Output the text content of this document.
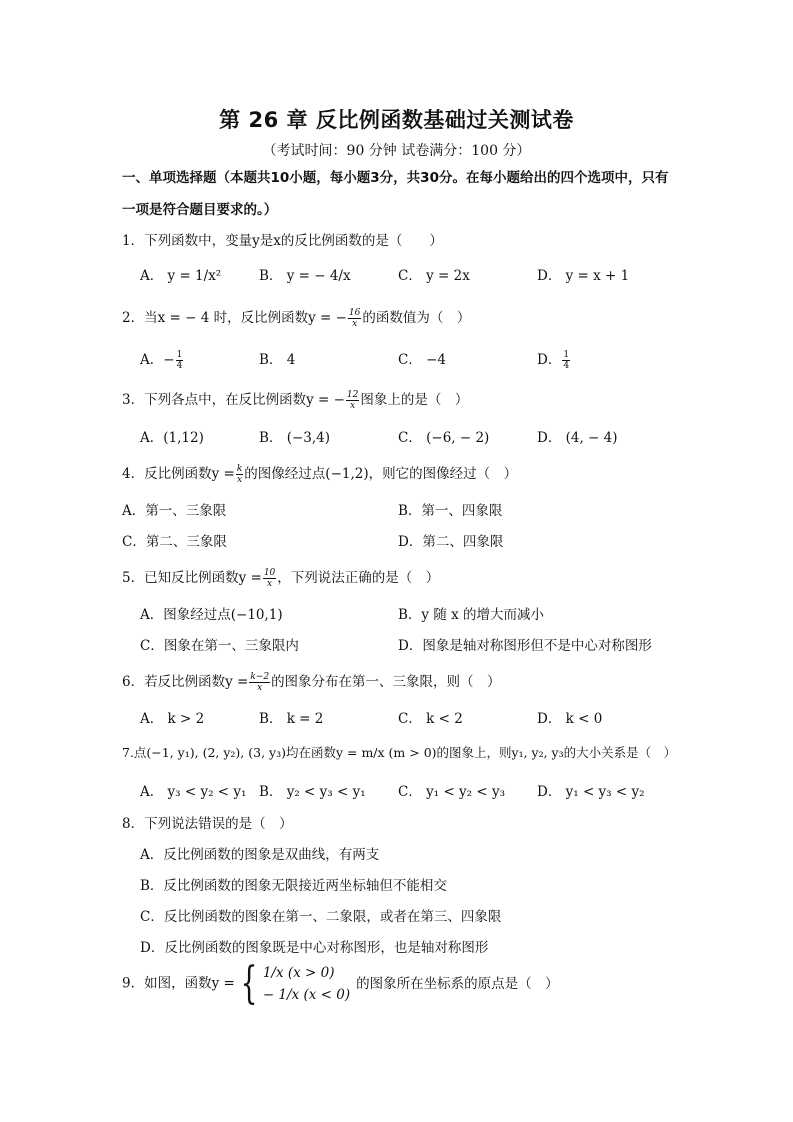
第 26 章 反比例函数基础过关测试卷
（考试时间：90 分钟 试卷满分：100 分）
一、单项选择题（本题共10小题，每小题3分，共30分。在每小题给出的四个选项中，只有
一项是符合题目要求的。）
1．下列函数中，变量y是x的反比例函数的是（　　）
A． y = 1/x²	B． y = − 4/x	C． y = 2x	D． y = x + 1
2．当x = − 4 时，反比例函数y = − $\frac{16}{x}$ 的函数值为（　）
A．− $\frac{1}{4}$	B． 4	C． −4	D． $\frac{1}{4}$
3．下列各点中，在反比例函数y = − $\frac{12}{x}$ 图象上的是（　）
A．(1,12)	B． (−3,4)	C． (−6, − 2)	D． (4, − 4)
4．反比例函数$y = \frac{k}{x}$ 的图像经过点(−1,2)，则它的图像经过（　）
A．第一、三象限	B．第一、四象限
C．第二、三象限	D．第二、四象限
5．已知反比例函数$y = \frac{10}{x}$ ，下列说法正确的是（　）
A．图象经过点(−10,1)	B．y 随 x 的增大而减小
C．图象在第一、三象限内	D．图象是轴对称图形但不是中心对称图形
6．若反比例函数$y = \frac{k-2}{x}$ 的图象分布在第一、三象限，则（　）
A． k > 2	B． k = 2	C． k < 2	D． k < 0
7.点(−1, y₁), (2, y₂), (3, y₃)均在函数y = m/x (m > 0)的图象上，则y₁, y₂, y₃的大小关系是（　）
A． y₃ < y₂ < y₁ B． y₂ < y₃ < y₁ C． y₁ < y₂ < y₃ D． y₁ < y₃ < y₂
8．下列说法错误的是（　）
A．反比例函数的图象是双曲线，有两支
B．反比例函数的图象无限接近两坐标轴但不能相交
C．反比例函数的图象在第一、二象限，或者在第三、四象限
D．反比例函数的图象既是中心对称图形，也是轴对称图形
9．如图，函数y = { 1/x (x > 0)
− 1/x (x < 0)
的图象所在坐标系的原点是（　）
